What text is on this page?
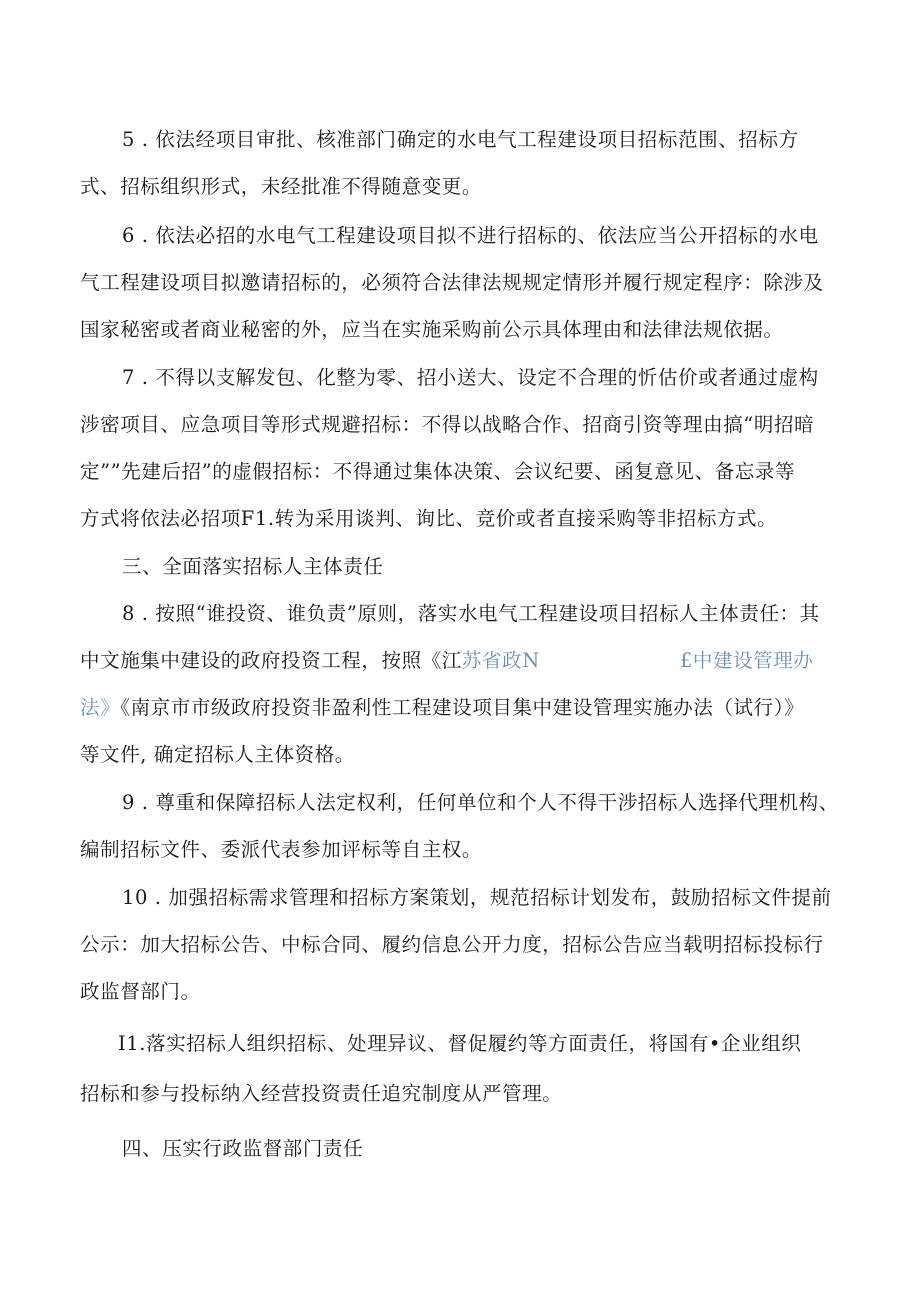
5 . 依法经项目审批、核准部门确定的水电气工程建设项目招标范围、招标方
式、招标组织形式，未经批准不得随意变更。
6 . 依法必招的水电气工程建设项目拟不进行招标的、依法应当公开招标的水电
气工程建设项目拟邀请招标的，必须符合法律法规规定情形并履行规定程序：除涉及
国家秘密或者商业秘密的外，应当在实施采购前公示具体理由和法律法规依据。
7 . 不得以支解发包、化整为零、招小送大、设定不合理的忻估价或者通过虚构
涉密项目、应急项目等形式规避招标：不得以战略合作、招商引资等理由搞“明招暗
定””先建后招”的虚假招标：不得通过集体决策、会议纪要、函复意见、备忘录等
方式将依法必招项F1.转为采用谈判、询比、竞价或者直接采购等非招标方式。
三、全面落实招标人主体责任
8 . 按照“谁投资、谁负责”原则，落实水电气工程建设项目招标人主体责任：其
中文施集中建设的政府投资工程，按照《江苏省政N	£中建设管理办
法》《南京市市级政府投资非盈利性工程建设项目集中建设管理实施办法（试行）》
等文件, 确定招标人主体资格。
9 . 尊重和保障招标人法定权利，任何单位和个人不得干涉招标人选择代理机构、
编制招标文件、委派代表参加评标等自主权。
10 . 加强招标需求管理和招标方案策划，规范招标计划发布，鼓励招标文件提前
公示：加大招标公告、中标合同、履约信息公开力度，招标公告应当载明招标投标行
政监督部门。
I1.落实招标人组织招标、处理异议、督促履约等方面责任，将国有•企业组织
招标和参与投标纳入经营投资责任追究制度从严管理。
四、压实行政监督部门责任
